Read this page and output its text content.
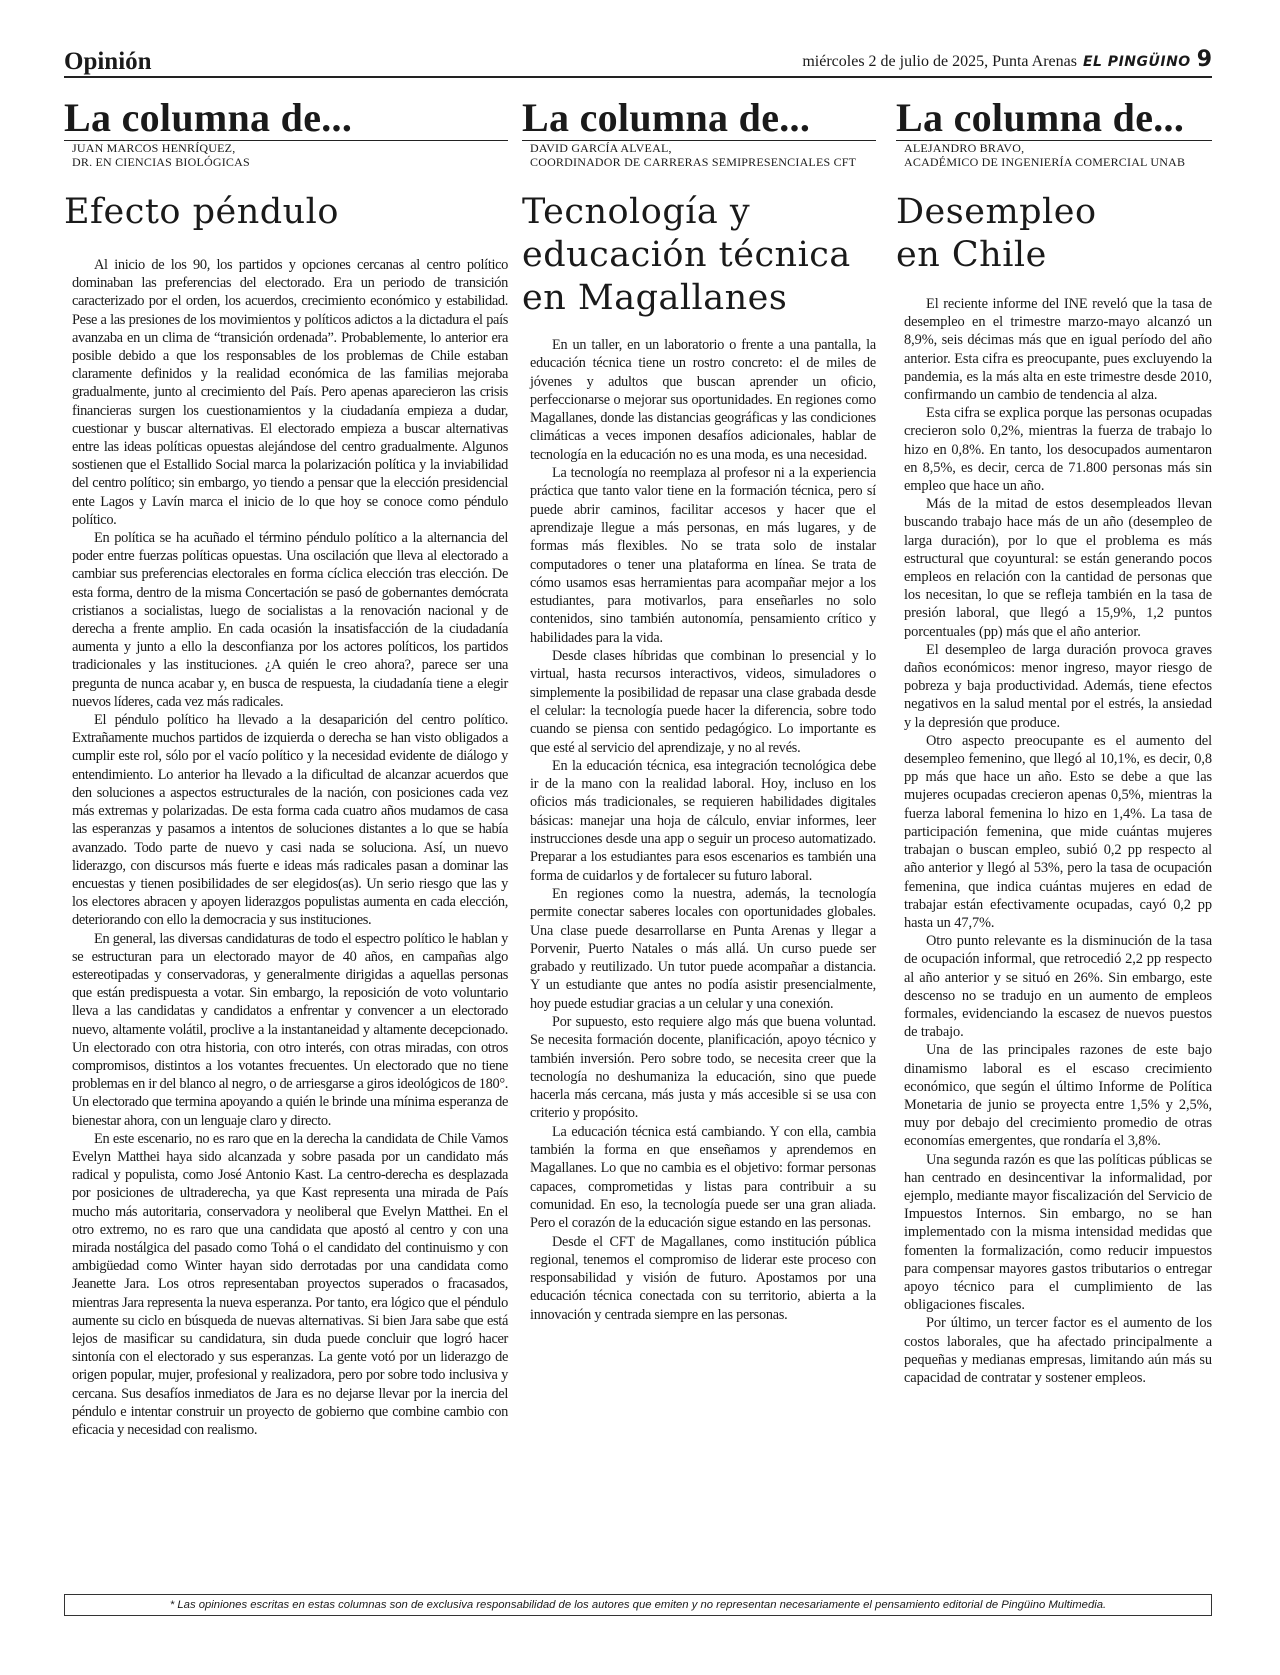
Opinión	miércoles 2 de julio de 2025, Punta Arenas EL PINGÜINO 9
La columna de...
JUAN MARCOS HENRÍQUEZ,
DR. EN CIENCIAS BIOLÓGICAS
Efecto péndulo

Al inicio de los 90, los partidos y opciones cercanas al centro político dominaban las preferencias del electorado. Era un periodo de transición caracterizado por el orden, los acuerdos, crecimiento económico y estabilidad. Pese a las presiones de los movimientos y políticos adictos a la dictadura el país avanzaba en un clima de “transición ordenada”. Probablemente, lo anterior era posible debido a que los responsables de los problemas de Chile estaban claramente definidos y la realidad económica de las familias mejoraba gradualmente, junto al crecimiento del País. Pero apenas aparecieron las crisis financieras surgen los cuestionamientos y la ciudadanía empieza a dudar, cuestionar y buscar alternativas. El electorado empieza a buscar alternativas entre las ideas políticas opuestas alejándose del centro gradualmente. Algunos sostienen que el Estallido Social marca la polarización política y la inviabilidad del centro político; sin embargo, yo tiendo a pensar que la elección presidencial ente Lagos y Lavín marca el inicio de lo que hoy se conoce como péndulo político.

En política se ha acuñado el término péndulo político a la alternancia del poder entre fuerzas políticas opuestas. Una oscilación que lleva al electorado a cambiar sus preferencias electorales en forma cíclica elección tras elección. De esta forma, dentro de la misma Concertación se pasó de gobernantes demócrata cristianos a socialistas, luego de socialistas a la renovación nacional y de derecha a frente amplio. En cada ocasión la insatisfacción de la ciudadanía aumenta y junto a ello la desconfianza por los actores políticos, los partidos tradicionales y las instituciones. ¿A quién le creo ahora?, parece ser una pregunta de nunca acabar y, en busca de respuesta, la ciudadanía tiene a elegir nuevos líderes, cada vez más radicales.

El péndulo político ha llevado a la desaparición del centro político. Extrañamente muchos partidos de izquierda o derecha se han visto obligados a cumplir este rol, sólo por el vacío político y la necesidad evidente de diálogo y entendimiento. Lo anterior ha llevado a la dificultad de alcanzar acuerdos que den soluciones a aspectos estructurales de la nación, con posiciones cada vez más extremas y polarizadas. De esta forma cada cuatro años mudamos de casa las esperanzas y pasamos a intentos de soluciones distantes a lo que se había avanzado. Todo parte de nuevo y casi nada se soluciona. Así, un nuevo liderazgo, con discursos más fuerte e ideas más radicales pasan a dominar las encuestas y tienen posibilidades de ser elegidos(as). Un serio riesgo que las y los electores abracen y apoyen liderazgos populistas aumenta en cada elección, deteriorando con ello la democracia y sus instituciones.

En general, las diversas candidaturas de todo el espectro político le hablan y se estructuran para un electorado mayor de 40 años, en campañas algo estereotipadas y conservadoras, y generalmente dirigidas a aquellas personas que están predispuesta a votar. Sin embargo, la reposición de voto voluntario lleva a las candidatas y candidatos a enfrentar y convencer a un electorado nuevo, altamente volátil, proclive a la instantaneidad y altamente decepcionado. Un electorado con otra historia, con otro interés, con otras miradas, con otros compromisos, distintos a los votantes frecuentes. Un electorado que no tiene problemas en ir del blanco al negro, o de arriesgarse a giros ideológicos de 180°. Un electorado que termina apoyando a quién le brinde una mínima esperanza de bienestar ahora, con un lenguaje claro y directo.

En este escenario, no es raro que en la derecha la candidata de Chile Vamos Evelyn Matthei haya sido alcanzada y sobre pasada por un candidato más radical y populista, como José Antonio Kast. La centro-derecha es desplazada por posiciones de ultraderecha, ya que Kast representa una mirada de País mucho más autoritaria, conservadora y neoliberal que Evelyn Matthei. En el otro extremo, no es raro que una candidata que apostó al centro y con una mirada nostálgica del pasado como Tohá o el candidato del continuismo y con ambigüedad como Winter hayan sido derrotadas por una candidata como Jeanette Jara. Los otros representaban proyectos superados o fracasados, mientras Jara representa la nueva esperanza. Por tanto, era lógico que el péndulo aumente su ciclo en búsqueda de nuevas alternativas. Si bien Jara sabe que está lejos de masificar su candidatura, sin duda puede concluir que logró hacer sintonía con el electorado y sus esperanzas. La gente votó por un liderazgo de origen popular, mujer, profesional y realizadora, pero por sobre todo inclusiva y cercana. Sus desafíos inmediatos de Jara es no dejarse llevar por la inercia del péndulo e intentar construir un proyecto de gobierno que combine cambio con eficacia y necesidad con realismo.

La columna de...
DAVID GARCÍA ALVEAL,
COORDINADOR DE CARRERAS SEMIPRESENCIALES CFT
Tecnología y
educación técnica
en Magallanes

En un taller, en un laboratorio o frente a una pantalla, la educación técnica tiene un rostro concreto: el de miles de jóvenes y adultos que buscan aprender un oficio, perfeccionarse o mejorar sus oportunidades. En regiones como Magallanes, donde las distancias geográficas y las condiciones climáticas a veces imponen desafíos adicionales, hablar de tecnología en la educación no es una moda, es una necesidad.

La tecnología no reemplaza al profesor ni a la experiencia práctica que tanto valor tiene en la formación técnica, pero sí puede abrir caminos, facilitar accesos y hacer que el aprendizaje llegue a más personas, en más lugares, y de formas más flexibles. No se trata solo de instalar computadores o tener una plataforma en línea. Se trata de cómo usamos esas herramientas para acompañar mejor a los estudiantes, para motivarlos, para enseñarles no solo contenidos, sino también autonomía, pensamiento crítico y habilidades para la vida.

Desde clases híbridas que combinan lo presencial y lo virtual, hasta recursos interactivos, videos, simuladores o simplemente la posibilidad de repasar una clase grabada desde el celular: la tecnología puede hacer la diferencia, sobre todo cuando se piensa con sentido pedagógico. Lo importante es que esté al servicio del aprendizaje, y no al revés.

En la educación técnica, esa integración tecnológica debe ir de la mano con la realidad laboral. Hoy, incluso en los oficios más tradicionales, se requieren habilidades digitales básicas: manejar una hoja de cálculo, enviar informes, leer instrucciones desde una app o seguir un proceso automatizado. Preparar a los estudiantes para esos escenarios es también una forma de cuidarlos y de fortalecer su futuro laboral.

En regiones como la nuestra, además, la tecnología permite conectar saberes locales con oportunidades globales. Una clase puede desarrollarse en Punta Arenas y llegar a Porvenir, Puerto Natales o más allá. Un curso puede ser grabado y reutilizado. Un tutor puede acompañar a distancia. Y un estudiante que antes no podía asistir presencialmente, hoy puede estudiar gracias a un celular y una conexión.

Por supuesto, esto requiere algo más que buena voluntad. Se necesita formación docente, planificación, apoyo técnico y también inversión. Pero sobre todo, se necesita creer que la tecnología no deshumaniza la educación, sino que puede hacerla más cercana, más justa y más accesible si se usa con criterio y propósito.

La educación técnica está cambiando. Y con ella, cambia también la forma en que enseñamos y aprendemos en Magallanes. Lo que no cambia es el objetivo: formar personas capaces, comprometidas y listas para contribuir a su comunidad. En eso, la tecnología puede ser una gran aliada. Pero el corazón de la educación sigue estando en las personas.

Desde el CFT de Magallanes, como institución pública regional, tenemos el compromiso de liderar este proceso con responsabilidad y visión de futuro. Apostamos por una educación técnica conectada con su territorio, abierta a la innovación y centrada siempre en las personas.

La columna de...
ALEJANDRO BRAVO,
ACADÉMICO DE INGENIERÍA COMERCIAL UNAB
Desempleo
en Chile

El reciente informe del INE reveló que la tasa de desempleo en el trimestre marzo-mayo alcanzó un 8,9%, seis décimas más que en igual período del año anterior. Esta cifra es preocupante, pues excluyendo la pandemia, es la más alta en este trimestre desde 2010, confirmando un cambio de tendencia al alza.

Esta cifra se explica porque las personas ocupadas crecieron solo 0,2%, mientras la fuerza de trabajo lo hizo en 0,8%. En tanto, los desocupados aumentaron en 8,5%, es decir, cerca de 71.800 personas más sin empleo que hace un año.

Más de la mitad de estos desempleados llevan buscando trabajo hace más de un año (desempleo de larga duración), por lo que el problema es más estructural que coyuntural: se están generando pocos empleos en relación con la cantidad de personas que los necesitan, lo que se refleja también en la tasa de presión laboral, que llegó a 15,9%, 1,2 puntos porcentuales (pp) más que el año anterior.

El desempleo de larga duración provoca graves daños económicos: menor ingreso, mayor riesgo de pobreza y baja productividad. Además, tiene efectos negativos en la salud mental por el estrés, la ansiedad y la depresión que produce.

Otro aspecto preocupante es el aumento del desempleo femenino, que llegó al 10,1%, es decir, 0,8 pp más que hace un año. Esto se debe a que las mujeres ocupadas crecieron apenas 0,5%, mientras la fuerza laboral femenina lo hizo en 1,4%. La tasa de participación femenina, que mide cuántas mujeres trabajan o buscan empleo, subió 0,2 pp respecto al año anterior y llegó al 53%, pero la tasa de ocupación femenina, que indica cuántas mujeres en edad de trabajar están efectivamente ocupadas, cayó 0,2 pp hasta un 47,7%.

Otro punto relevante es la disminución de la tasa de ocupación informal, que retrocedió 2,2 pp respecto al año anterior y se situó en 26%. Sin embargo, este descenso no se tradujo en un aumento de empleos formales, evidenciando la escasez de nuevos puestos de trabajo.

Una de las principales razones de este bajo dinamismo laboral es el escaso crecimiento económico, que según el último Informe de Política Monetaria de junio se proyecta entre 1,5% y 2,5%, muy por debajo del crecimiento promedio de otras economías emergentes, que rondaría el 3,8%.

Una segunda razón es que las políticas públicas se han centrado en desincentivar la informalidad, por ejemplo, mediante mayor fiscalización del Servicio de Impuestos Internos. Sin embargo, no se han implementado con la misma intensidad medidas que fomenten la formalización, como reducir impuestos para compensar mayores gastos tributarios o entregar apoyo técnico para el cumplimiento de las obligaciones fiscales.

Por último, un tercer factor es el aumento de los costos laborales, que ha afectado principalmente a pequeñas y medianas empresas, limitando aún más su capacidad de contratar y sostener empleos.

* Las opiniones escritas en estas columnas son de exclusiva responsabilidad de los autores que emiten y no representan necesariamente el pensamiento editorial de Pingüino Multimedia.
